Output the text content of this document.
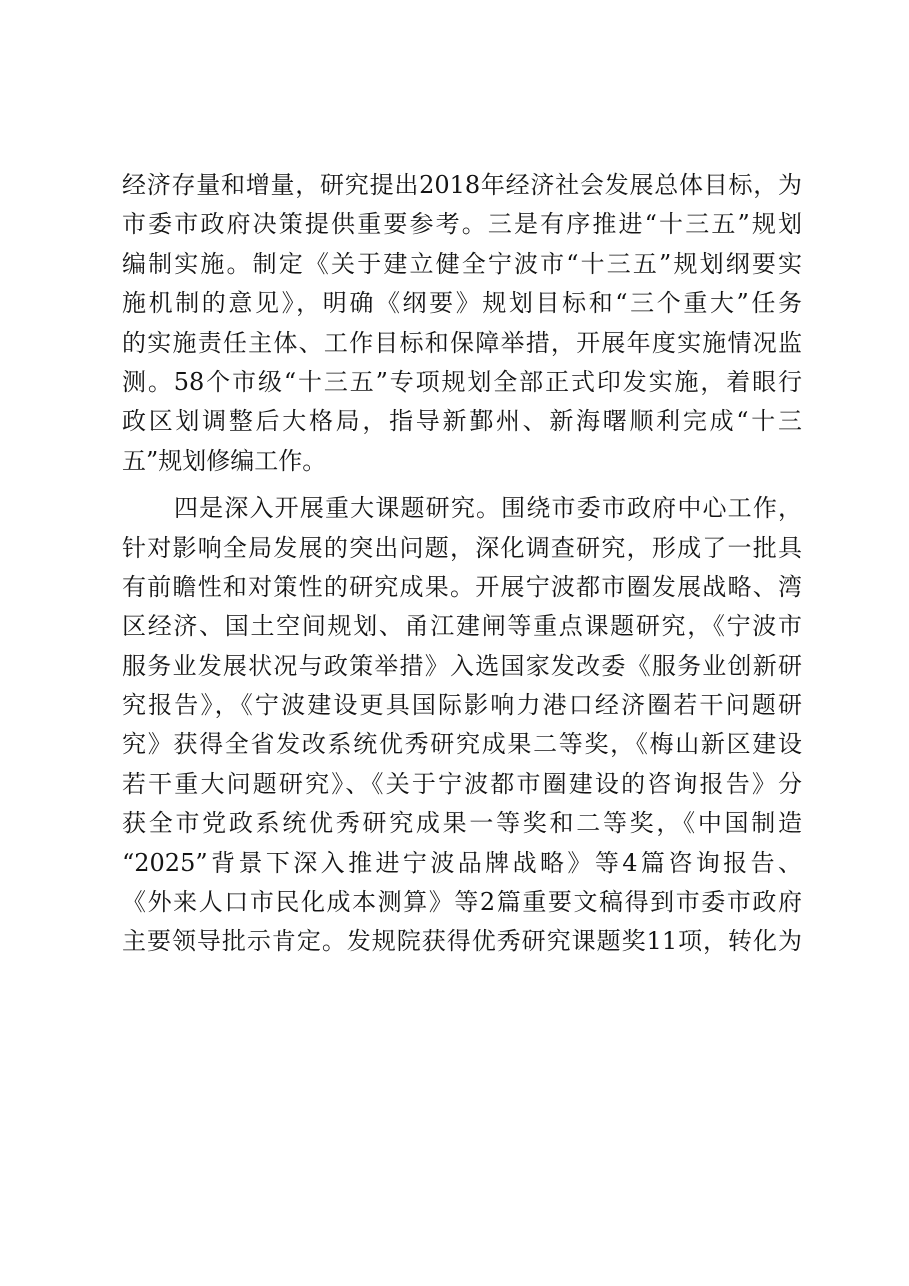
经济存量和增量，研究提出2018年经济社会发展总体目标，为
市委市政府决策提供重要参考。三是有序推进“十三五”规划
编制实施。制定《关于建立健全宁波市“十三五”规划纲要实
施机制的意见》，明确《纲要》规划目标和“三个重大”任务
的实施责任主体、工作目标和保障举措，开展年度实施情况监
测。58个市级“十三五”专项规划全部正式印发实施，着眼行
政区划调整后大格局，指导新鄞州、新海曙顺利完成“十三
五”规划修编工作。
四是深入开展重大课题研究。围绕市委市政府中心工作，
针对影响全局发展的突出问题，深化调查研究，形成了一批具
有前瞻性和对策性的研究成果。开展宁波都市圈发展战略、湾
区经济、国土空间规划、甬江建闸等重点课题研究，《宁波市
服务业发展状况与政策举措》入选国家发改委《服务业创新研
究报告》，《宁波建设更具国际影响力港口经济圈若干问题研
究》获得全省发改系统优秀研究成果二等奖，《梅山新区建设
若干重大问题研究》、《关于宁波都市圈建设的咨询报告》分
获全市党政系统优秀研究成果一等奖和二等奖，《中国制造
“2025”背景下深入推进宁波品牌战略》等4篇咨询报告、
《外来人口市民化成本测算》等2篇重要文稿得到市委市政府
主要领导批示肯定。发规院获得优秀研究课题奖11项，转化为
